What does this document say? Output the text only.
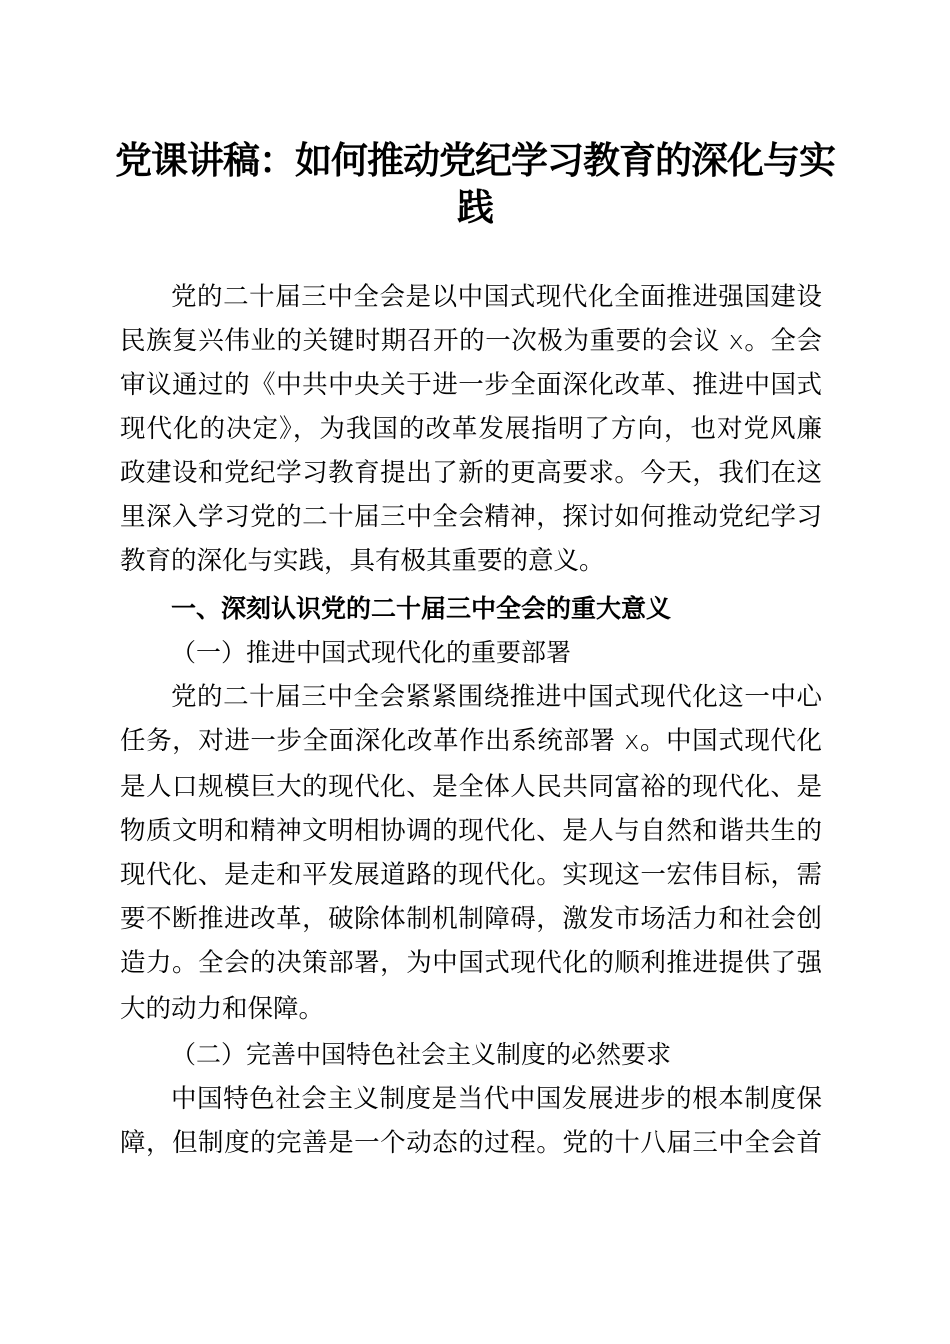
党课讲稿：如何推动党纪学习教育的深化与实
践
党的二十届三中全会是以中国式现代化全面推进强国建设
民族复兴伟业的关键时期召开的一次极为重要的会议 x。全会
审议通过的《中共中央关于进一步全面深化改革、推进中国式
现代化的决定》，为我国的改革发展指明了方向，也对党风廉
政建设和党纪学习教育提出了新的更高要求。今天，我们在这
里深入学习党的二十届三中全会精神，探讨如何推动党纪学习
教育的深化与实践，具有极其重要的意义。
一、深刻认识党的二十届三中全会的重大意义
（一）推进中国式现代化的重要部署
党的二十届三中全会紧紧围绕推进中国式现代化这一中心
任务，对进一步全面深化改革作出系统部署 x。中国式现代化
是人口规模巨大的现代化、是全体人民共同富裕的现代化、是
物质文明和精神文明相协调的现代化、是人与自然和谐共生的
现代化、是走和平发展道路的现代化。实现这一宏伟目标，需
要不断推进改革，破除体制机制障碍，激发市场活力和社会创
造力。全会的决策部署，为中国式现代化的顺利推进提供了强
大的动力和保障。
（二）完善中国特色社会主义制度的必然要求
中国特色社会主义制度是当代中国发展进步的根本制度保
障，但制度的完善是一个动态的过程。党的十八届三中全会首
